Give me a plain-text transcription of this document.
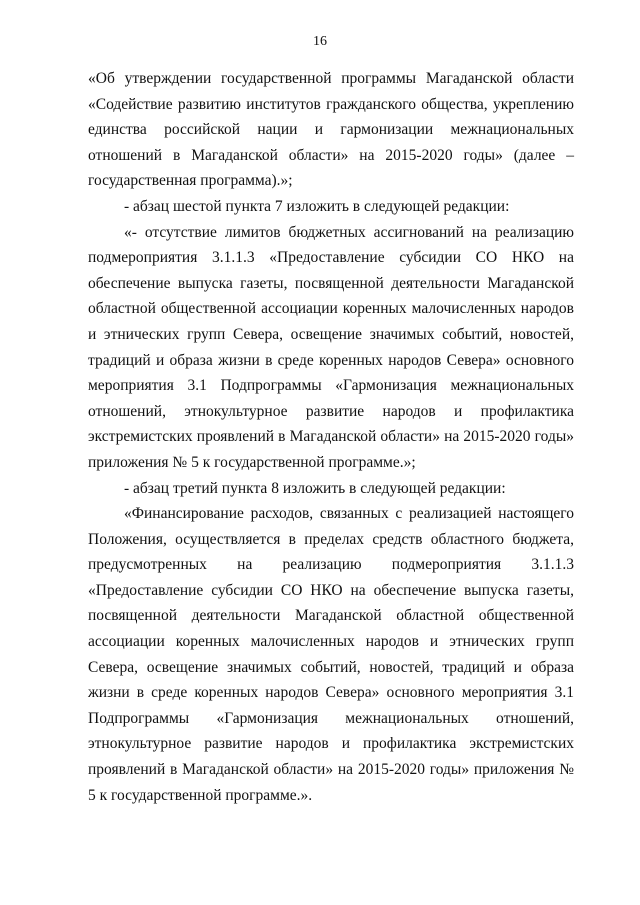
16

«Об утверждении государственной программы Магаданской области «Содействие развитию институтов гражданского общества, укреплению единства российской нации и гармонизации межнациональных отношений в Магаданской области» на 2015-2020 годы» (далее – государственная программа).»;

- абзац шестой пункта 7 изложить в следующей редакции:

«- отсутствие лимитов бюджетных ассигнований на реализацию подмероприятия 3.1.1.3 «Предоставление субсидии СО НКО на обеспечение выпуска газеты, посвященной деятельности Магаданской областной общественной ассоциации коренных малочисленных народов и этнических групп Севера, освещение значимых событий, новостей, традиций и образа жизни в среде коренных народов Севера» основного мероприятия 3.1 Подпрограммы «Гармонизация межнациональных отношений, этнокультурное развитие народов и профилактика экстремистских проявлений в Магаданской области» на 2015-2020 годы» приложения № 5 к государственной программе.»;

- абзац третий пункта 8 изложить в следующей редакции:

«Финансирование расходов, связанных с реализацией настоящего Положения, осуществляется в пределах средств областного бюджета, предусмотренных на реализацию подмероприятия 3.1.1.3 «Предоставление субсидии СО НКО на обеспечение выпуска газеты, посвященной деятельности Магаданской областной общественной ассоциации коренных малочисленных народов и этнических групп Севера, освещение значимых событий, новостей, традиций и образа жизни в среде коренных народов Севера» основного мероприятия 3.1 Подпрограммы «Гармонизация межнациональных отношений, этнокультурное развитие народов и профилактика экстремистских проявлений в Магаданской области» на 2015-2020 годы» приложения № 5 к государственной программе.».
